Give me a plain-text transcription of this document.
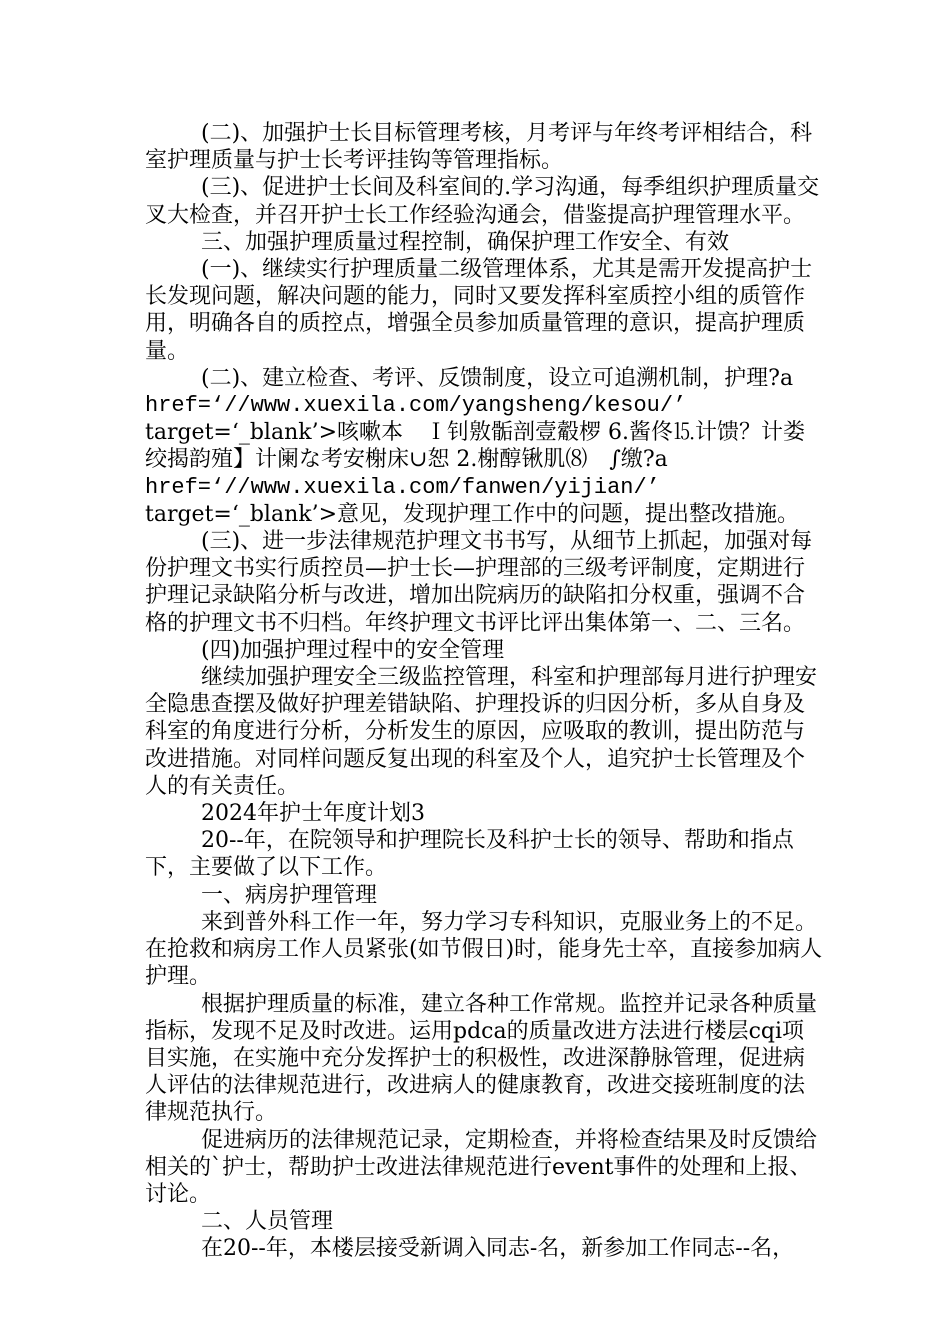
(二)、加强护士长目标管理考核，月考评与年终考评相结合，科室护理质量与护士长考评挂钩等管理指标。

(三)、促进护士长间及科室间的.学习沟通，每季组织护理质量交叉大检查，并召开护士长工作经验沟通会，借鉴提高护理管理水平。

三、加强护理质量过程控制，确保护理工作安全、有效

(一)、继续实行护理质量二级管理体系，尤其是需开发提高护士长发现问题，解决问题的能力，同时又要发挥科室质控小组的质管作用，明确各自的质控点，增强全员参加质量管理的意识，提高护理质量。

(二)、建立检查、考评、反馈制度，设立可追溯机制，护理?a

href=‘//www.xuexila.com/yangsheng/kesou/’

target=‘_blank’>咳嗽本　Ｉ钊敫骺剖壹觳椤 6.酱佟⒖计馈？计娄绞揭韵殖】计阑な考安榭床∪恕 2.榭醇锹肌⑻　∫缴?a

href=‘//www.xuexila.com/fanwen/yijian/’

target=‘_blank’>意见，发现护理工作中的问题，提出整改措施。

(三)、进一步法律规范护理文书书写，从细节上抓起，加强对每份护理文书实行质控员—护士长—护理部的三级考评制度，定期进行护理记录缺陷分析与改进，增加出院病历的缺陷扣分权重，强调不合格的护理文书不归档。年终护理文书评比评出集体第一、二、三名。

(四)加强护理过程中的安全管理

继续加强护理安全三级监控管理，科室和护理部每月进行护理安全隐患查摆及做好护理差错缺陷、护理投诉的归因分析，多从自身及科室的角度进行分析，分析发生的原因，应吸取的教训，提出防范与改进措施。对同样问题反复出现的科室及个人，追究护士长管理及个人的有关责任。

2024年护士年度计划3

20--年，在院领导和护理院长及科护士长的领导、帮助和指点下，主要做了以下工作。

一、病房护理管理

来到普外科工作一年，努力学习专科知识，克服业务上的不足。在抢救和病房工作人员紧张(如节假日)时，能身先士卒，直接参加病人护理。

根据护理质量的标准，建立各种工作常规。监控并记录各种质量指标，发现不足及时改进。运用pdca的质量改进方法进行楼层cqi项目实施，在实施中充分发挥护士的积极性，改进深静脉管理，促进病人评估的法律规范进行，改进病人的健康教育，改进交接班制度的法律规范执行。

促进病历的法律规范记录，定期检查，并将检查结果及时反馈给相关的`护士，帮助护士改进法律规范进行event事件的处理和上报、讨论。

二、人员管理

在20--年，本楼层接受新调入同志-名，新参加工作同志--名，
